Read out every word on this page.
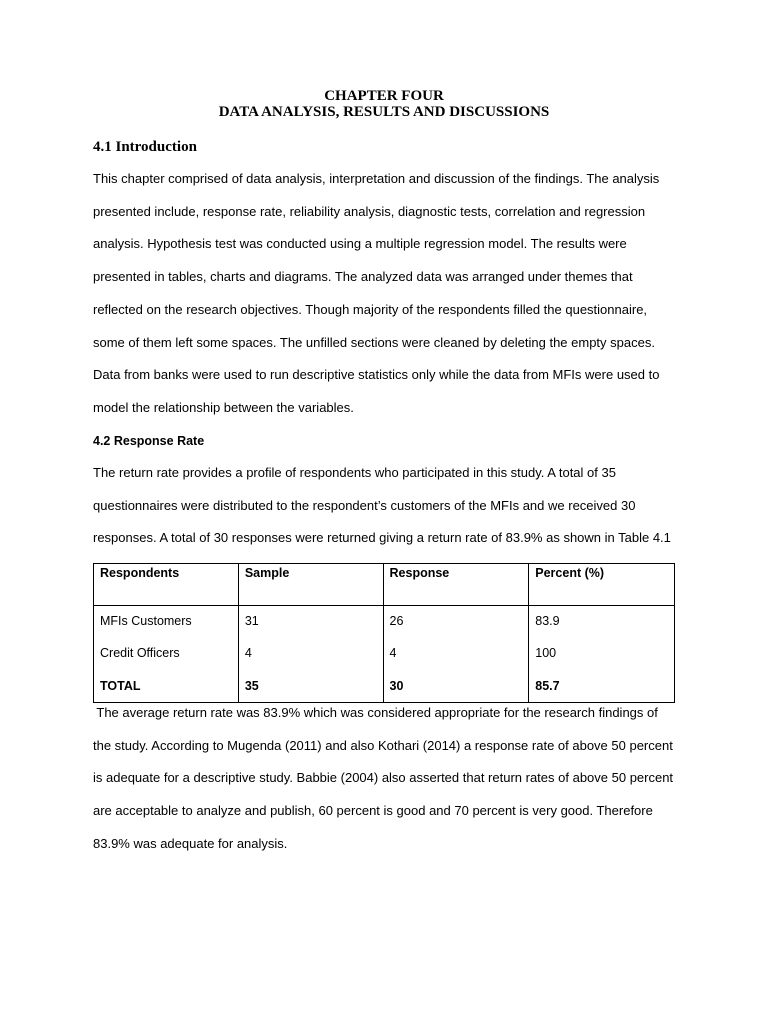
CHAPTER FOUR
DATA ANALYSIS, RESULTS AND DISCUSSIONS
4.1 Introduction

This chapter comprised of data analysis, interpretation and discussion of the findings. The analysis
presented include, response rate, reliability analysis, diagnostic tests, correlation and regression
analysis. Hypothesis test was conducted using a multiple regression model. The results were
presented in tables, charts and diagrams. The analyzed data was arranged under themes that
reflected on the research objectives. Though majority of the respondents filled the questionnaire,
some of them left some spaces. The unfilled sections were cleaned by deleting the empty spaces.
Data from banks were used to run descriptive statistics only while the data from MFIs were used to
model the relationship between the variables.

4.2 Response Rate

The return rate provides a profile of respondents who participated in this study. A total of 35
questionnaires were distributed to the respondent’s customers of the MFIs and we received 30
responses. A total of 30 responses were returned giving a return rate of 83.9% as shown in Table 4.1

Respondents	Sample	Response	Percent (%)
MFIs Customers	31	26	83.9
Credit Officers	4	4	100
TOTAL	35	30	85.7

The average return rate was 83.9% which was considered appropriate for the research findings of
the study. According to Mugenda (2011) and also Kothari (2014) a response rate of above 50 percent
is adequate for a descriptive study. Babbie (2004) also asserted that return rates of above 50 percent
are acceptable to analyze and publish, 60 percent is good and 70 percent is very good. Therefore
83.9% was adequate for analysis.
